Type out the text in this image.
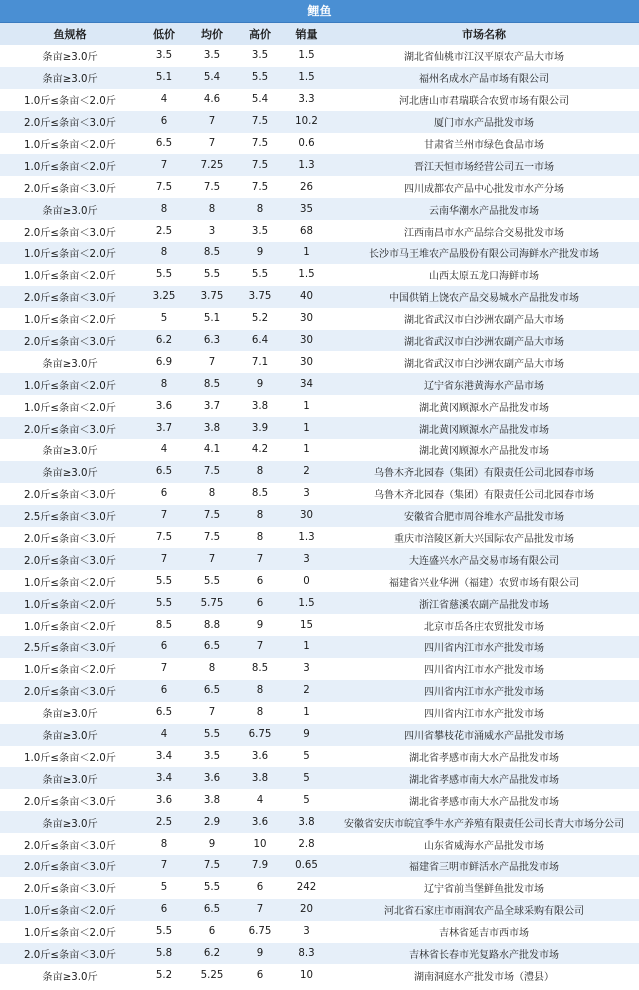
鲤鱼
鱼规格	低价	均价	高价	销量	市场名称
条亩≥3.0斤	3.5	3.5	3.5	1.5	湖北省仙桃市江汉平原农产品大市场
条亩≥3.0斤	5.1	5.4	5.5	1.5	福州名成水产品市场有限公司
1.0斤≤条亩＜2.0斤	4	4.6	5.4	3.3	河北唐山市君瑞联合农贸市场有限公司
2.0斤≤条亩＜3.0斤	6	7	7.5	10.2	厦门市水产品批发市场
1.0斤≤条亩＜2.0斤	6.5	7	7.5	0.6	甘肃省兰州市绿色食品市场
1.0斤≤条亩＜2.0斤	7	7.25	7.5	1.3	晋江天恒市场经营公司五一市场
2.0斤≤条亩＜3.0斤	7.5	7.5	7.5	26	四川成都农产品中心批发市水产分场
条亩≥3.0斤	8	8	8	35	云南华潮水产品批发市场
2.0斤≤条亩＜3.0斤	2.5	3	3.5	68	江西南昌市水产品综合交易批发市场
1.0斤≤条亩＜2.0斤	8	8.5	9	1	长沙市马王堆农产品股份有限公司海鲜水产批发市场
1.0斤≤条亩＜2.0斤	5.5	5.5	5.5	1.5	山西太原五龙口海鲜市场
2.0斤≤条亩＜3.0斤	3.25	3.75	3.75	40	中国供销上饶农产品交易城水产品批发市场
1.0斤≤条亩＜2.0斤	5	5.1	5.2	30	湖北省武汉市白沙洲农副产品大市场
2.0斤≤条亩＜3.0斤	6.2	6.3	6.4	30	湖北省武汉市白沙洲农副产品大市场
条亩≥3.0斤	6.9	7	7.1	30	湖北省武汉市白沙洲农副产品大市场
1.0斤≤条亩＜2.0斤	8	8.5	9	34	辽宁省东港黄海水产品市场
1.0斤≤条亩＜2.0斤	3.6	3.7	3.8	1	湖北黄冈顾源水产品批发市场
2.0斤≤条亩＜3.0斤	3.7	3.8	3.9	1	湖北黄冈顾源水产品批发市场
条亩≥3.0斤	4	4.1	4.2	1	湖北黄冈顾源水产品批发市场
条亩≥3.0斤	6.5	7.5	8	2	乌鲁木齐北园春（集团）有限责任公司北园春市场
2.0斤≤条亩＜3.0斤	6	8	8.5	3	乌鲁木齐北园春（集团）有限责任公司北园春市场
2.5斤≤条亩＜3.0斤	7	7.5	8	30	安徽省合肥市周谷堆水产品批发市场
2.0斤≤条亩＜3.0斤	7.5	7.5	8	1.3	重庆市涪陵区新大兴国际农产品批发市场
2.0斤≤条亩＜3.0斤	7	7	7	3	大连盛兴水产品交易市场有限公司
1.0斤≤条亩＜2.0斤	5.5	5.5	6	0	福建省兴业华洲（福建）农贸市场有限公司
1.0斤≤条亩＜2.0斤	5.5	5.75	6	1.5	浙江省慈溪农副产品批发市场
1.0斤≤条亩＜2.0斤	8.5	8.8	9	15	北京市岳各庄农贸批发市场
2.5斤≤条亩＜3.0斤	6	6.5	7	1	四川省内江市水产批发市场
1.0斤≤条亩＜2.0斤	7	8	8.5	3	四川省内江市水产批发市场
2.0斤≤条亩＜3.0斤	6	6.5	8	2	四川省内江市水产批发市场
条亩≥3.0斤	6.5	7	8	1	四川省内江市水产批发市场
条亩≥3.0斤	4	5.5	6.75	9	四川省攀枝花市涌威水产品批发市场
1.0斤≤条亩＜2.0斤	3.4	3.5	3.6	5	湖北省孝感市南大水产品批发市场
条亩≥3.0斤	3.4	3.6	3.8	5	湖北省孝感市南大水产品批发市场
2.0斤≤条亩＜3.0斤	3.6	3.8	4	5	湖北省孝感市南大水产品批发市场
条亩≥3.0斤	2.5	2.9	3.6	3.8	安徽省安庆市皖宜季牛水产养殖有限责任公司长青大市场分公司
2.0斤≤条亩＜3.0斤	8	9	10	2.8	山东省威海水产品批发市场
2.0斤≤条亩＜3.0斤	7	7.5	7.9	0.65	福建省三明市鲜活水产品批发市场
2.0斤≤条亩＜3.0斤	5	5.5	6	242	辽宁省前当堡鲜鱼批发市场
1.0斤≤条亩＜2.0斤	6	6.5	7	20	河北省石家庄市雨润农产品全球采购有限公司
1.0斤≤条亩＜2.0斤	5.5	6	6.75	3	吉林省延吉市西市场
2.0斤≤条亩＜3.0斤	5.8	6.2	9	8.3	吉林省长春市光复路水产批发市场
条亩≥3.0斤	5.2	5.25	6	10	湖南洞庭水产批发市场（澧县）
